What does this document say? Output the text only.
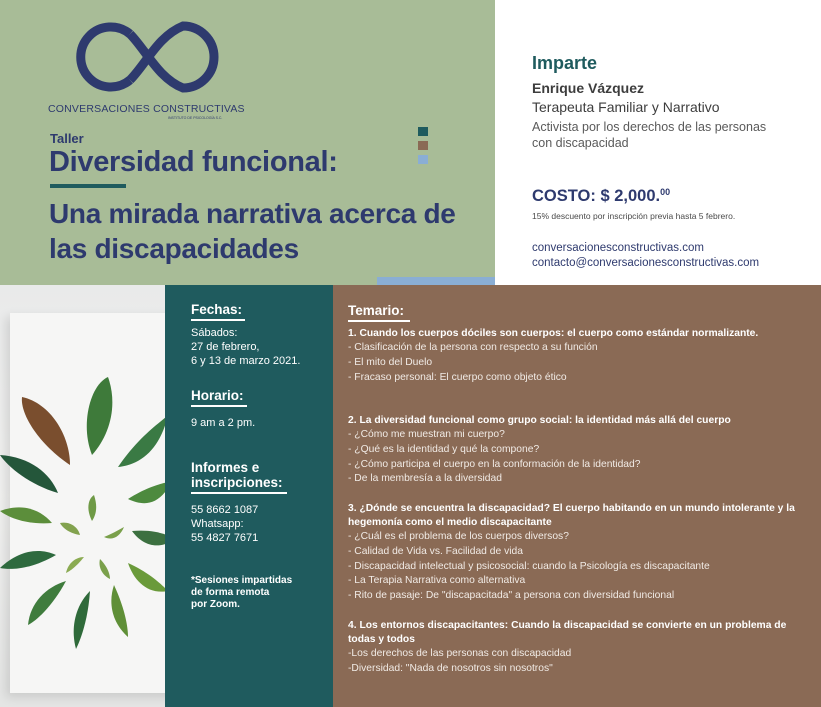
CONVERSACIONES CONSTRUCTIVAS
INSTITUTO DE PSICOLOGÍA S.C.
Taller
Diversidad funcional:
Una mirada narrativa acerca de las discapacidades
Imparte
Enrique Vázquez
Terapeuta Familiar y Narrativo
Activista por los derechos de las personas con discapacidad
COSTO: $ 2,000.00
15% descuento por inscripción previa hasta 5 febrero.
conversacionesconstructivas.com
contacto@conversacionesconstructivas.com
Fechas:
Sábados:
27 de febrero,
6 y 13 de marzo 2021.
Horario:
9 am a 2 pm.
Informes e
inscripciones:
55 8662 1087
Whatsapp:
55 4827 7671
*Sesiones impartidas
de forma remota
por Zoom.
Temario:
1. Cuando los cuerpos dóciles son cuerpos: el cuerpo como estándar normalizante.
- Clasificación de la persona con respecto a su función
- El mito del Duelo
- Fracaso personal: El cuerpo como objeto ético
2. La diversidad funcional como grupo social: la identidad más allá del cuerpo
- ¿Cómo me muestran mi cuerpo?
- ¿Qué es la identidad y qué la compone?
- ¿Cómo participa el cuerpo en la conformación de la identidad?
- De la membresía a la diversidad
3. ¿Dónde se encuentra la discapacidad? El cuerpo habitando en un mundo intolerante y la hegemonía como el medio discapacitante
- ¿Cuál es el problema de los cuerpos diversos?
- Calidad de Vida vs. Facilidad de vida
- Discapacidad intelectual y psicosocial: cuando la Psicología es discapacitante
- La Terapia Narrativa como alternativa
- Rito de pasaje: De "discapacitada" a persona con diversidad funcional
4. Los entornos discapacitantes: Cuando la discapacidad se convierte en un problema de todas y todos
-Los derechos de las personas con discapacidad
-Diversidad: "Nada de nosotros sin nosotros"
